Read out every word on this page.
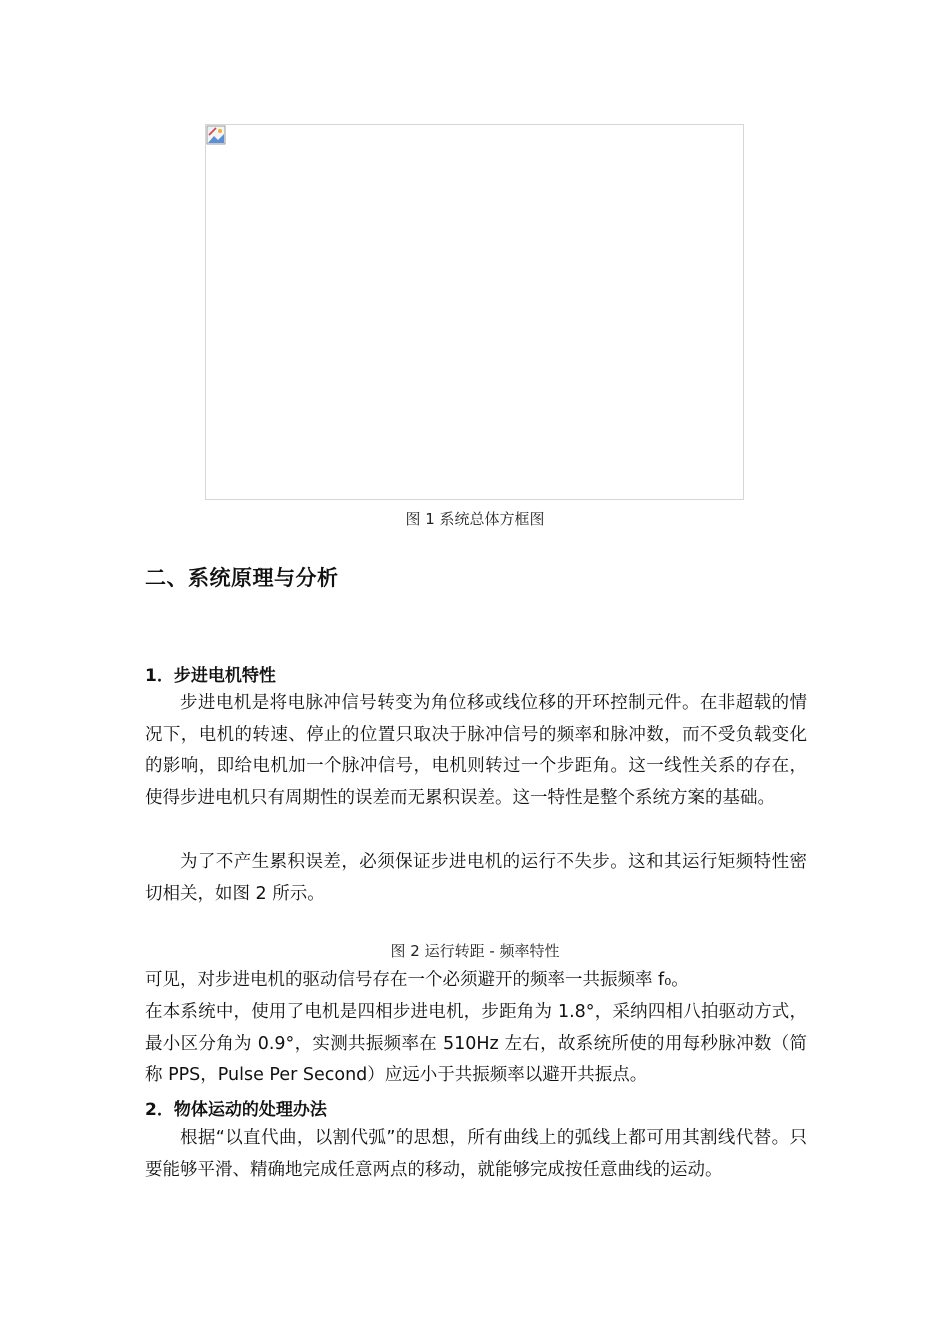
图 1 系统总体方框图
二、系统原理与分析
1．步进电机特性

步进电机是将电脉冲信号转变为角位移或线位移的开环控制元件。在非超载的情况下，电机的转速、停止的位置只取决于脉冲信号的频率和脉冲数，而不受负载变化的影响，即给电机加一个脉冲信号，电机则转过一个步距角。这一线性关系的存在，使得步进电机只有周期性的误差而无累积误差。这一特性是整个系统方案的基础。

为了不产生累积误差，必须保证步进电机的运行不失步。这和其运行矩频特性密切相关，如图 2 所示。

图 2 运行转距 - 频率特性
可见，对步进电机的驱动信号存在一个必须避开的频率一共振频率 f₀。

在本系统中，使用了电机是四相步进电机，步距角为 1.8°，采纳四相八拍驱动方式，最小区分角为 0.9°，实测共振频率在 510Hz 左右，故系统所使的用每秒脉冲数（简称 PPS，Pulse Per Second）应远小于共振频率以避开共振点。

2．物体运动的处理办法

根据“以直代曲，以割代弧”的思想，所有曲线上的弧线上都可用其割线代替。只要能够平滑、精确地完成任意两点的移动，就能够完成按任意曲线的运动。
